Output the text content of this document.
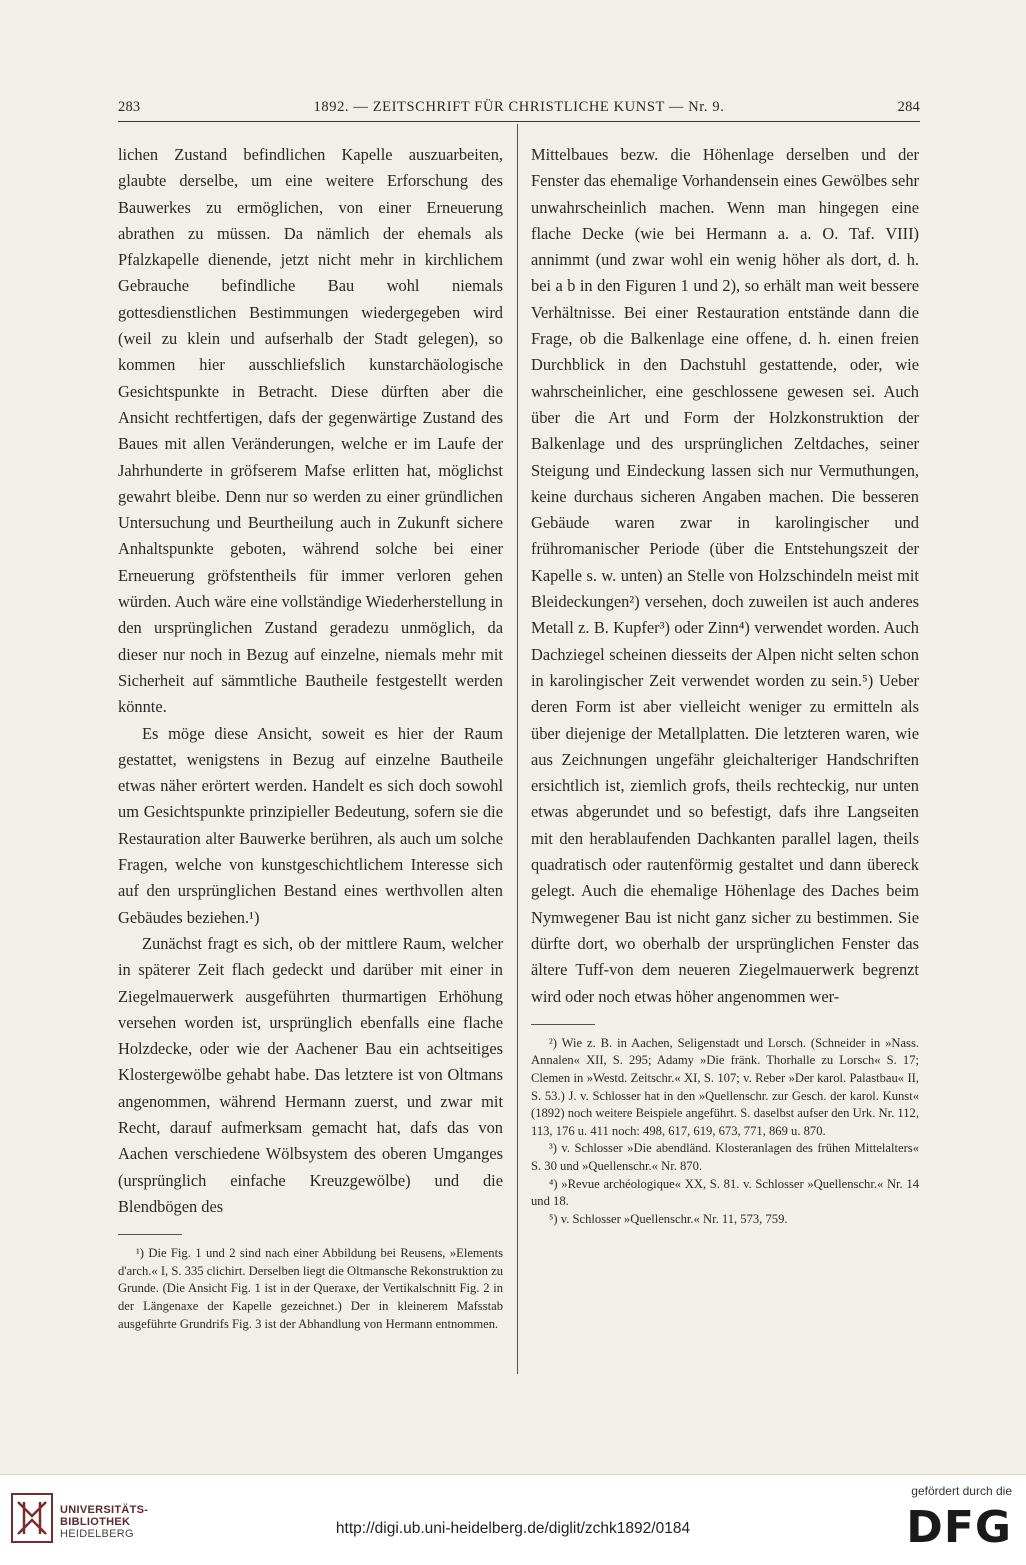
283	1892. — ZEITSCHRIFT FÜR CHRISTLICHE KUNST — Nr. 9.	284

lichen Zustand befindlichen Kapelle auszuarbeiten, glaubte derselbe, um eine weitere Erforschung des Bauwerkes zu ermöglichen, von einer Erneuerung abrathen zu müssen. Da nämlich der ehemals als Pfalzkapelle dienende, jetzt nicht mehr in kirchlichem Gebrauche befindliche Bau wohl niemals gottesdienstlichen Bestimmungen wiedergegeben wird (weil zu klein und aufserhalb der Stadt gelegen), so kommen hier ausschliefslich kunstarchäologische Gesichtspunkte in Betracht. Diese dürften aber die Ansicht rechtfertigen, dafs der gegenwärtige Zustand des Baues mit allen Veränderungen, welche er im Laufe der Jahrhunderte in gröfserem Mafse erlitten hat, möglichst gewahrt bleibe. Denn nur so werden zu einer gründlichen Untersuchung und Beurtheilung auch in Zukunft sichere Anhaltspunkte geboten, während solche bei einer Erneuerung gröfstentheils für immer verloren gehen würden. Auch wäre eine vollständige Wiederherstellung in den ursprünglichen Zustand geradezu unmöglich, da dieser nur noch in Bezug auf einzelne, niemals mehr mit Sicherheit auf sämmtliche Bautheile festgestellt werden könnte.

Es möge diese Ansicht, soweit es hier der Raum gestattet, wenigstens in Bezug auf einzelne Bautheile etwas näher erörtert werden. Handelt es sich doch sowohl um Gesichtspunkte prinzipieller Bedeutung, sofern sie die Restauration alter Bauwerke berühren, als auch um solche Fragen, welche von kunstgeschichtlichem Interesse sich auf den ursprünglichen Bestand eines werthvollen alten Gebäudes beziehen.¹)

Zunächst fragt es sich, ob der mittlere Raum, welcher in späterer Zeit flach gedeckt und darüber mit einer in Ziegelmauerwerk ausgeführten thurmartigen Erhöhung versehen worden ist, ursprünglich ebenfalls eine flache Holzdecke, oder wie der Aachener Bau ein achtseitiges Klostergewölbe gehabt habe. Das letztere ist von Oltmans angenommen, während Hermann zuerst, und zwar mit Recht, darauf aufmerksam gemacht hat, dafs das von Aachen verschiedene Wölbsystem des oberen Umganges (ursprünglich einfache Kreuzgewölbe) und die Blendbögen des

¹) Die Fig. 1 und 2 sind nach einer Abbildung bei Reusens, »Elements d'arch.« I, S. 335 clichirt. Derselben liegt die Oltmansche Rekonstruktion zu Grunde. (Die Ansicht Fig. 1 ist in der Queraxe, der Vertikalschnitt Fig. 2 in der Längenaxe der Kapelle gezeichnet.) Der in kleinerem Mafsstab ausgeführte Grundrifs Fig. 3 ist der Abhandlung von Hermann entnommen.

Mittelbaues bezw. die Höhenlage derselben und der Fenster das ehemalige Vorhandensein eines Gewölbes sehr unwahrscheinlich machen. Wenn man hingegen eine flache Decke (wie bei Hermann a. a. O. Taf. VIII) annimmt (und zwar wohl ein wenig höher als dort, d. h. bei a b in den Figuren 1 und 2), so erhält man weit bessere Verhältnisse. Bei einer Restauration entstände dann die Frage, ob die Balkenlage eine offene, d. h. einen freien Durchblick in den Dachstuhl gestattende, oder, wie wahrscheinlicher, eine geschlossene gewesen sei. Auch über die Art und Form der Holzkonstruktion der Balkenlage und des ursprünglichen Zeltdaches, seiner Steigung und Eindeckung lassen sich nur Vermuthungen, keine durchaus sicheren Angaben machen. Die besseren Gebäude waren zwar in karolingischer und frühromanischer Periode (über die Entstehungszeit der Kapelle s. w. unten) an Stelle von Holzschindeln meist mit Bleideckungen²) versehen, doch zuweilen ist auch anderes Metall z. B. Kupfer³) oder Zinn⁴) verwendet worden. Auch Dachziegel scheinen diesseits der Alpen nicht selten schon in karolingischer Zeit verwendet worden zu sein.⁵) Ueber deren Form ist aber vielleicht weniger zu ermitteln als über diejenige der Metallplatten. Die letzteren waren, wie aus Zeichnungen ungefähr gleichalteriger Handschriften ersichtlich ist, ziemlich grofs, theils rechteckig, nur unten etwas abgerundet und so befestigt, dafs ihre Langseiten mit den herablaufenden Dachkanten parallel lagen, theils quadratisch oder rautenförmig gestaltet und dann übereck gelegt. Auch die ehemalige Höhenlage des Daches beim Nymwegener Bau ist nicht ganz sicher zu bestimmen. Sie dürfte dort, wo oberhalb der ursprünglichen Fenster das ältere Tuff-von dem neueren Ziegelmauerwerk begrenzt wird oder noch etwas höher angenommen wer-

²) Wie z. B. in Aachen, Seligenstadt und Lorsch. (Schneider in »Nass. Annalen« XII, S. 295; Adamy »Die fränk. Thorhalle zu Lorsch« S. 17; Clemen in »Westd. Zeitschr.« XI, S. 107; v. Reber »Der karol. Palastbau« II, S. 53.) J. v. Schlosser hat in den »Quellenschr. zur Gesch. der karol. Kunst« (1892) noch weitere Beispiele angeführt. S. daselbst aufser den Urk. Nr. 112, 113, 176 u. 411 noch: 498, 617, 619, 673, 771, 869 u. 870.

³) v. Schlosser »Die abendländ. Klosteranlagen des frühen Mittelalters« S. 30 und »Quellenschr.« Nr. 870.

⁴) »Revue archéologique« XX, S. 81. v. Schlosser »Quellenschr.« Nr. 14 und 18.

⁵) v. Schlosser »Quellenschr.« Nr. 11, 573, 759.

UNIVERSITÄTS-
BIBLIOTHEK
HEIDELBERG	http://digi.ub.uni-heidelberg.de/diglit/zchk1892/0184
gefördert durch die
DFG
